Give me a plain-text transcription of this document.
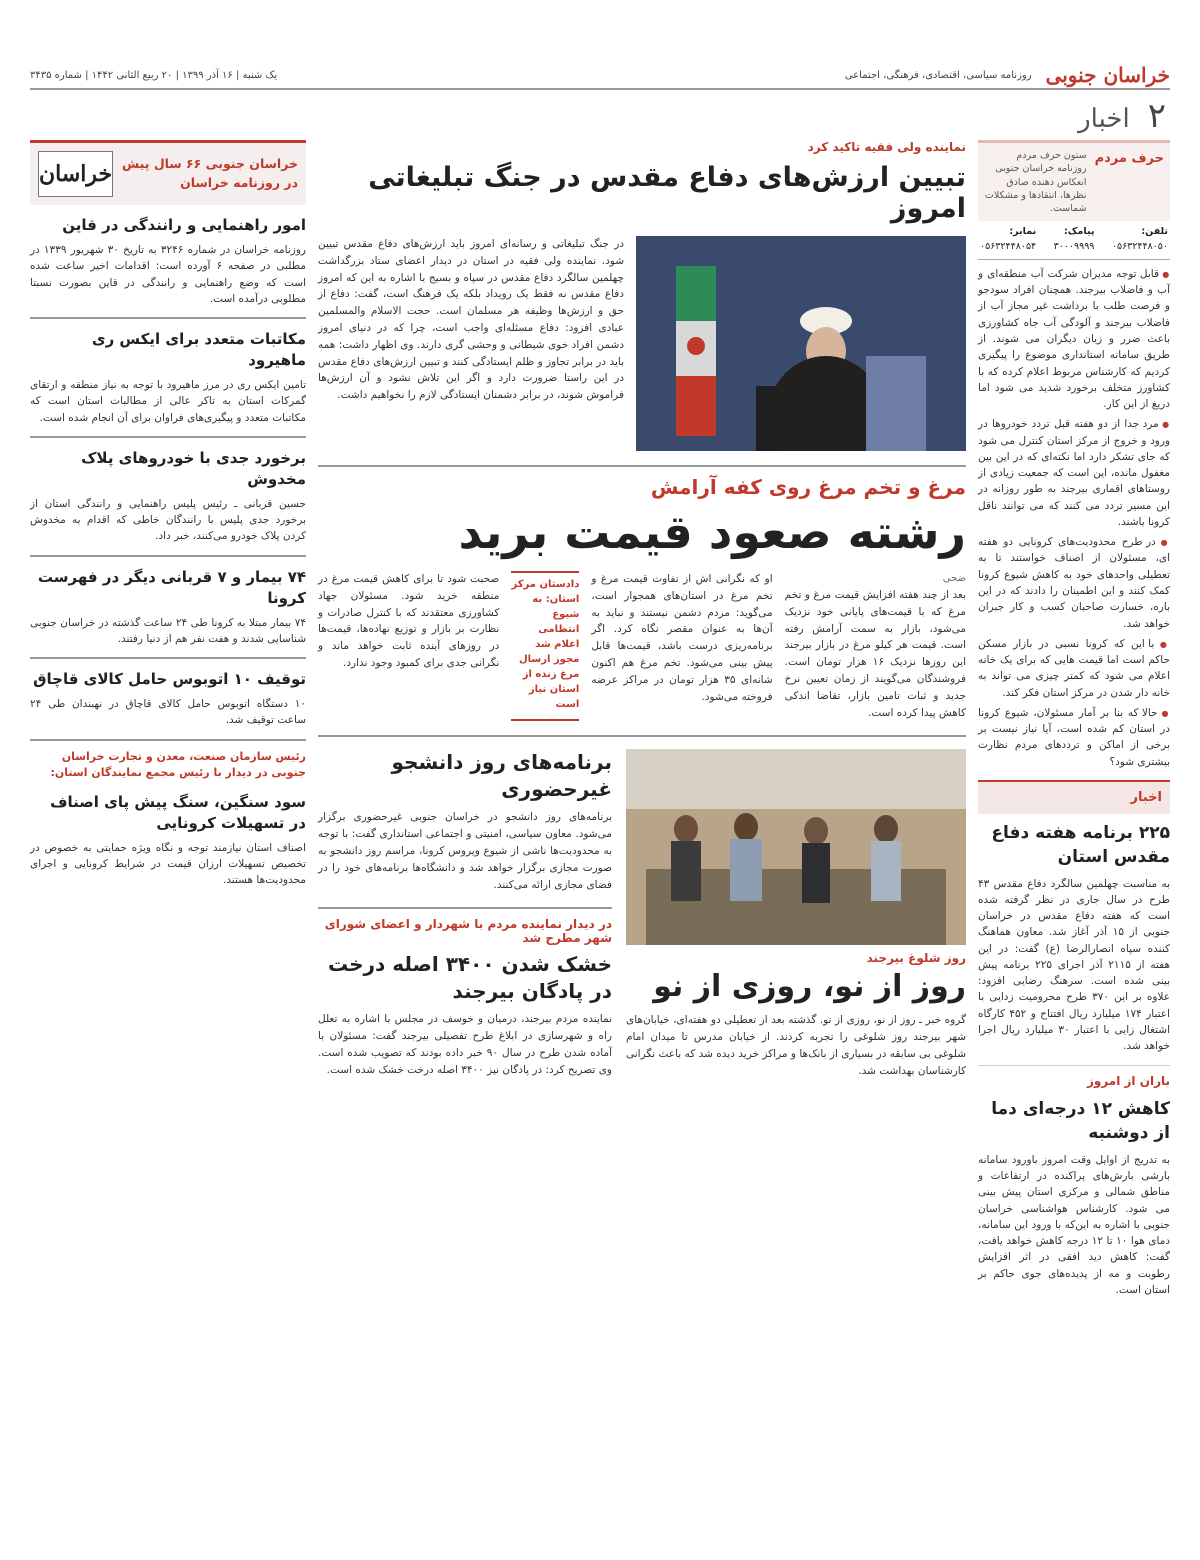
خراسان جنوبی
روزنامه سیاسی، اقتصادی، فرهنگی، اجتماعی
یک شنبه | ۱۶ آذر ۱۳۹۹ | ۲۰ ربیع الثانی ۱۴۴۲ | شماره ۳۴۳۵
۲
اخبار
حرف مردم
ستون حرف مردم روزنامه خراسان جنوبی انعکاس دهنده صادق نظرها، انتقادها و مشکلات شماست.
تلفن:
۰۵۶۳۲۴۴۸۰۵۰
پیامک:
۳۰۰۰۹۹۹۹
نمابر:
۰۵۶۳۲۴۴۸۰۵۴

● قابل توجه مدیران شرکت آب منطقه‌ای و آب و فاضلاب بیرجند. همچنان افراد سودجو و فرصت طلب با برداشت غیر مجاز آب از فاضلاب بیرجند و آلودگی آب جاه کشاورزی باعث ضرر و زیان دیگران می شوند. از طریق سامانه استانداری موضوع را پیگیری کردیم که کارشناس مربوط اعلام کرده که با کشاورز متخلف برخورد شدید می شود اما دریغ از این کار.

● مرد جدا از دو هفته قبل تردد خودروها در ورود و خروج از مرکز استان کنترل می شود که جای تشکر دارد اما نکته‌ای که در این بین مغفول مانده، این است که جمعیت زیادی از روستاهای اقماری بیرجند به طور روزانه در این مسیر تردد می کنند که می توانند ناقل کرونا باشند.

● در طرح محدودیت‌های کرونایی دو هفته ای، مسئولان از اصناف خواستند تا به تعطیلی واحدهای خود به کاهش شیوع کرونا کمک کنند و این اطمینان را دادند که در این باره، خسارت صاحبان کسب و کار جبران خواهد شد.

● با این که کرونا نسبی در بازار مسکن حاکم است اما قیمت هایی که برای یک خانه اعلام می شود که کمتر چیزی می تواند به خانه دار شدن در مرکز استان فکر کند.

● حالا که بنا بر آمار مسئولان، شیوع کرونا در استان کم شده است، آیا نیاز نیست بر برخی از اماکن و ترددهای مردم نظارت بیشتری شود؟

اخبار
۲۲۵ برنامه هفته دفاع مقدس استان
به مناسبت چهلمین سالگرد دفاع مقدس ۴۳ طرح در سال جاری در نظر گرفته شده است که هفته دفاع مقدس در خراسان جنوبی از ۱۵ آذر آغاز شد. معاون هماهنگ کننده سپاه انصارالرضا (ع) گفت: در این هفته از ۲۱۱۵ آذر اجرای ۲۲۵ برنامه پیش بینی شده است. سرهنگ رضایی افزود: علاوه بر این ۳۷۰ طرح محرومیت زدایی با اعتبار ۱۷۴ میلیارد ریال افتتاح و ۴۵۲ کارگاه اشتغال زایی با اعتبار ۳۰ میلیارد ریال اجرا خواهد شد.
باران از امروز
کاهش ۱۲ درجه‌ای دما از دوشنبه
به تدریج از اوایل وقت امروز باورود سامانه بارشی بارش‌های پراکنده در ارتفاعات و مناطق شمالی و مرکزی استان پیش بینی می شود. کارشناس هواشناسی خراسان جنوبی با اشاره به این‌که با ورود این سامانه، دمای هوا ۱۰ تا ۱۲ درجه کاهش خواهد یافت، گفت: کاهش دید افقی در اثر افزایش رطوبت و مه از پدیده‌های جوی حاکم بر استان است.
نماینده ولی فقیه تاکید کرد
تبیین ارزش‌های دفاع مقدس در جنگ تبلیغاتی امروز
در جنگ تبلیغاتی و رسانه‌ای امروز باید ارزش‌های دفاع مقدس تبیین شود. نماینده ولی فقیه در استان در دیدار اعضای ستاد بزرگداشت چهلمین سالگرد دفاع مقدس در سپاه و بسیج با اشاره به این که امروز دفاع مقدس نه فقط یک رویداد بلکه یک فرهنگ است، گفت: دفاع از حق و ارزش‌ها وظیفه هر مسلمان است. حجت الاسلام والمسلمین عبادی افزود: دفاع مسئله‌ای واجب است، چرا که در دنیای امروز دشمن افراد خوی شیطانی و وحشی گری دارند. وی اظهار داشت: همه باید در برابر تجاوز و ظلم ایستادگی کنند و تبیین ارزش‌های دفاع مقدس در این راستا ضرورت دارد و اگر این تلاش نشود و آن ارزش‌ها فراموش شوند، در برابر دشمنان ایستادگی لازم را نخواهیم داشت.
مرغ و تخم مرغ روی کفه آرامش
رشته صعود قیمت برید
ضحی
بعد از چند هفته افزایش قیمت مرغ و تخم مرغ که با قیمت‌های پایانی خود نزدیک می‌شود، بازار به سمت آرامش رفته است. قیمت هر کیلو مرغ در بازار بیرجند این روزها نزدیک ۱۶ هزار تومان است. فروشندگان می‌گویند از زمان تعیین نرخ جدید و ثبات تامین بازار، تقاضا اندکی کاهش پیدا کرده است.
او که نگرانی اش از تفاوت قیمت مرغ و تخم مرغ در استان‌های همجوار است، می‌گوید: مردم دشمن نیستند و نباید به آن‌ها به عنوان مقصر نگاه کرد. اگر برنامه‌ریزی درست باشد، قیمت‌ها قابل پیش بینی می‌شود. تخم مرغ هم اکنون شانه‌ای ۳۵ هزار تومان در مراکز عرضه فروخته می‌شود.
دادستان مرکز استان: به شیوع انتظامی اعلام شد مجوز ارسال مرغ زنده از استان نیاز است
صحبت شود تا برای کاهش قیمت مرغ در منطقه خرید شود. مسئولان جهاد کشاورزی معتقدند که با کنترل صادرات و نظارت بر بازار و توزیع نهاده‌ها، قیمت‌ها در روزهای آینده ثابت خواهد ماند و نگرانی جدی برای کمبود وجود ندارد.
روز شلوغ بیرجند
روز از نو، روزی از نو
گروه خبر ـ روز از نو، روزی از نو. گذشته بعد از تعطیلی دو هفته‌ای، خیابان‌های شهر بیرجند روز شلوغی را تجربه کردند. از خیابان مدرس تا میدان امام شلوغی بی سابقه در بسیاری از بانک‌ها و مراکز خرید دیده شد که باعث نگرانی کارشناسان بهداشت شد.
برنامه‌های روز دانشجو غیرحضوری
برنامه‌های روز دانشجو در خراسان جنوبی غیرحضوری برگزار می‌شود. معاون سیاسی، امنیتی و اجتماعی استانداری گفت: با توجه به محدودیت‌ها ناشی از شیوع ویروس کرونا، مراسم روز دانشجو به صورت مجازی برگزار خواهد شد و دانشگاه‌ها برنامه‌های خود را در فضای مجازی ارائه می‌کنند.
در دیدار نماینده مردم با شهردار و اعضای شورای شهر مطرح شد
خشک شدن ۳۴۰۰ اصله درخت در پادگان بیرجند
نماینده مردم بیرجند، درمیان و خوسف در مجلس با اشاره به تعلل راه و شهرسازی در ابلاغ طرح تفصیلی بیرجند گفت: مسئولان با آماده شدن طرح در سال ۹۰ خبر داده بودند که تصویب شده است. وی تصریح کرد: در پادگان نیز ۳۴۰۰ اصله درخت خشک شده است.
خراسان جنوبی ۶۶ سال پیش در روزنامه خراسان
خراسان
امور راهنمایی و رانندگی در قاین
روزنامه خراسان در شماره ۳۲۴۶ به تاریخ ۳۰ شهریور ۱۳۳۹ در مطلبی در صفحه ۶ آورده است: اقدامات اخیر ساعت شده است که وضع راهنمایی و رانندگی در قاین بصورت نسبتا مطلوبی درآمده است.
مکاتبات متعدد برای ایکس ری ماهیرود
تامین ایکس ری در مرز ماهیرود با توجه به نیاز منطقه و ارتقای گمرکات استان به تاکر عالی از مطالبات استان است که مکاتبات متعدد و پیگیری‌های فراوان برای آن انجام شده است.
برخورد جدی با خودروهای پلاک مخدوش
حسین قربانی ـ رئیس پلیس راهنمایی و رانندگی استان از برخورد جدی پلیس با رانندگان خاطی که اقدام به مخدوش کردن پلاک خودرو می‌کنند، خبر داد.
۷۴ بیمار و ۷ قربانی دیگر در فهرست کرونا
۷۴ بیمار مبتلا به کرونا طی ۲۴ ساعت گذشته در خراسان جنوبی شناسایی شدند و هفت نفر هم از دنیا رفتند.
توقیف ۱۰ اتوبوس حامل کالای قاچاق
۱۰ دستگاه اتوبوس حامل کالای قاچاق در نهبندان طی ۲۴ ساعت توقیف شد.
رئیس سازمان صنعت، معدن و تجارت خراسان جنوبی در دیدار با رئیس مجمع نمایندگان استان:
سود سنگین، سنگ پیش پای اصناف در تسهیلات کرونایی
اصناف استان نیازمند توجه و نگاه ویژه حمایتی به خصوص در تخصیص تسهیلات ارزان قیمت در شرایط کرونایی و اجرای محدودیت‌ها هستند.
